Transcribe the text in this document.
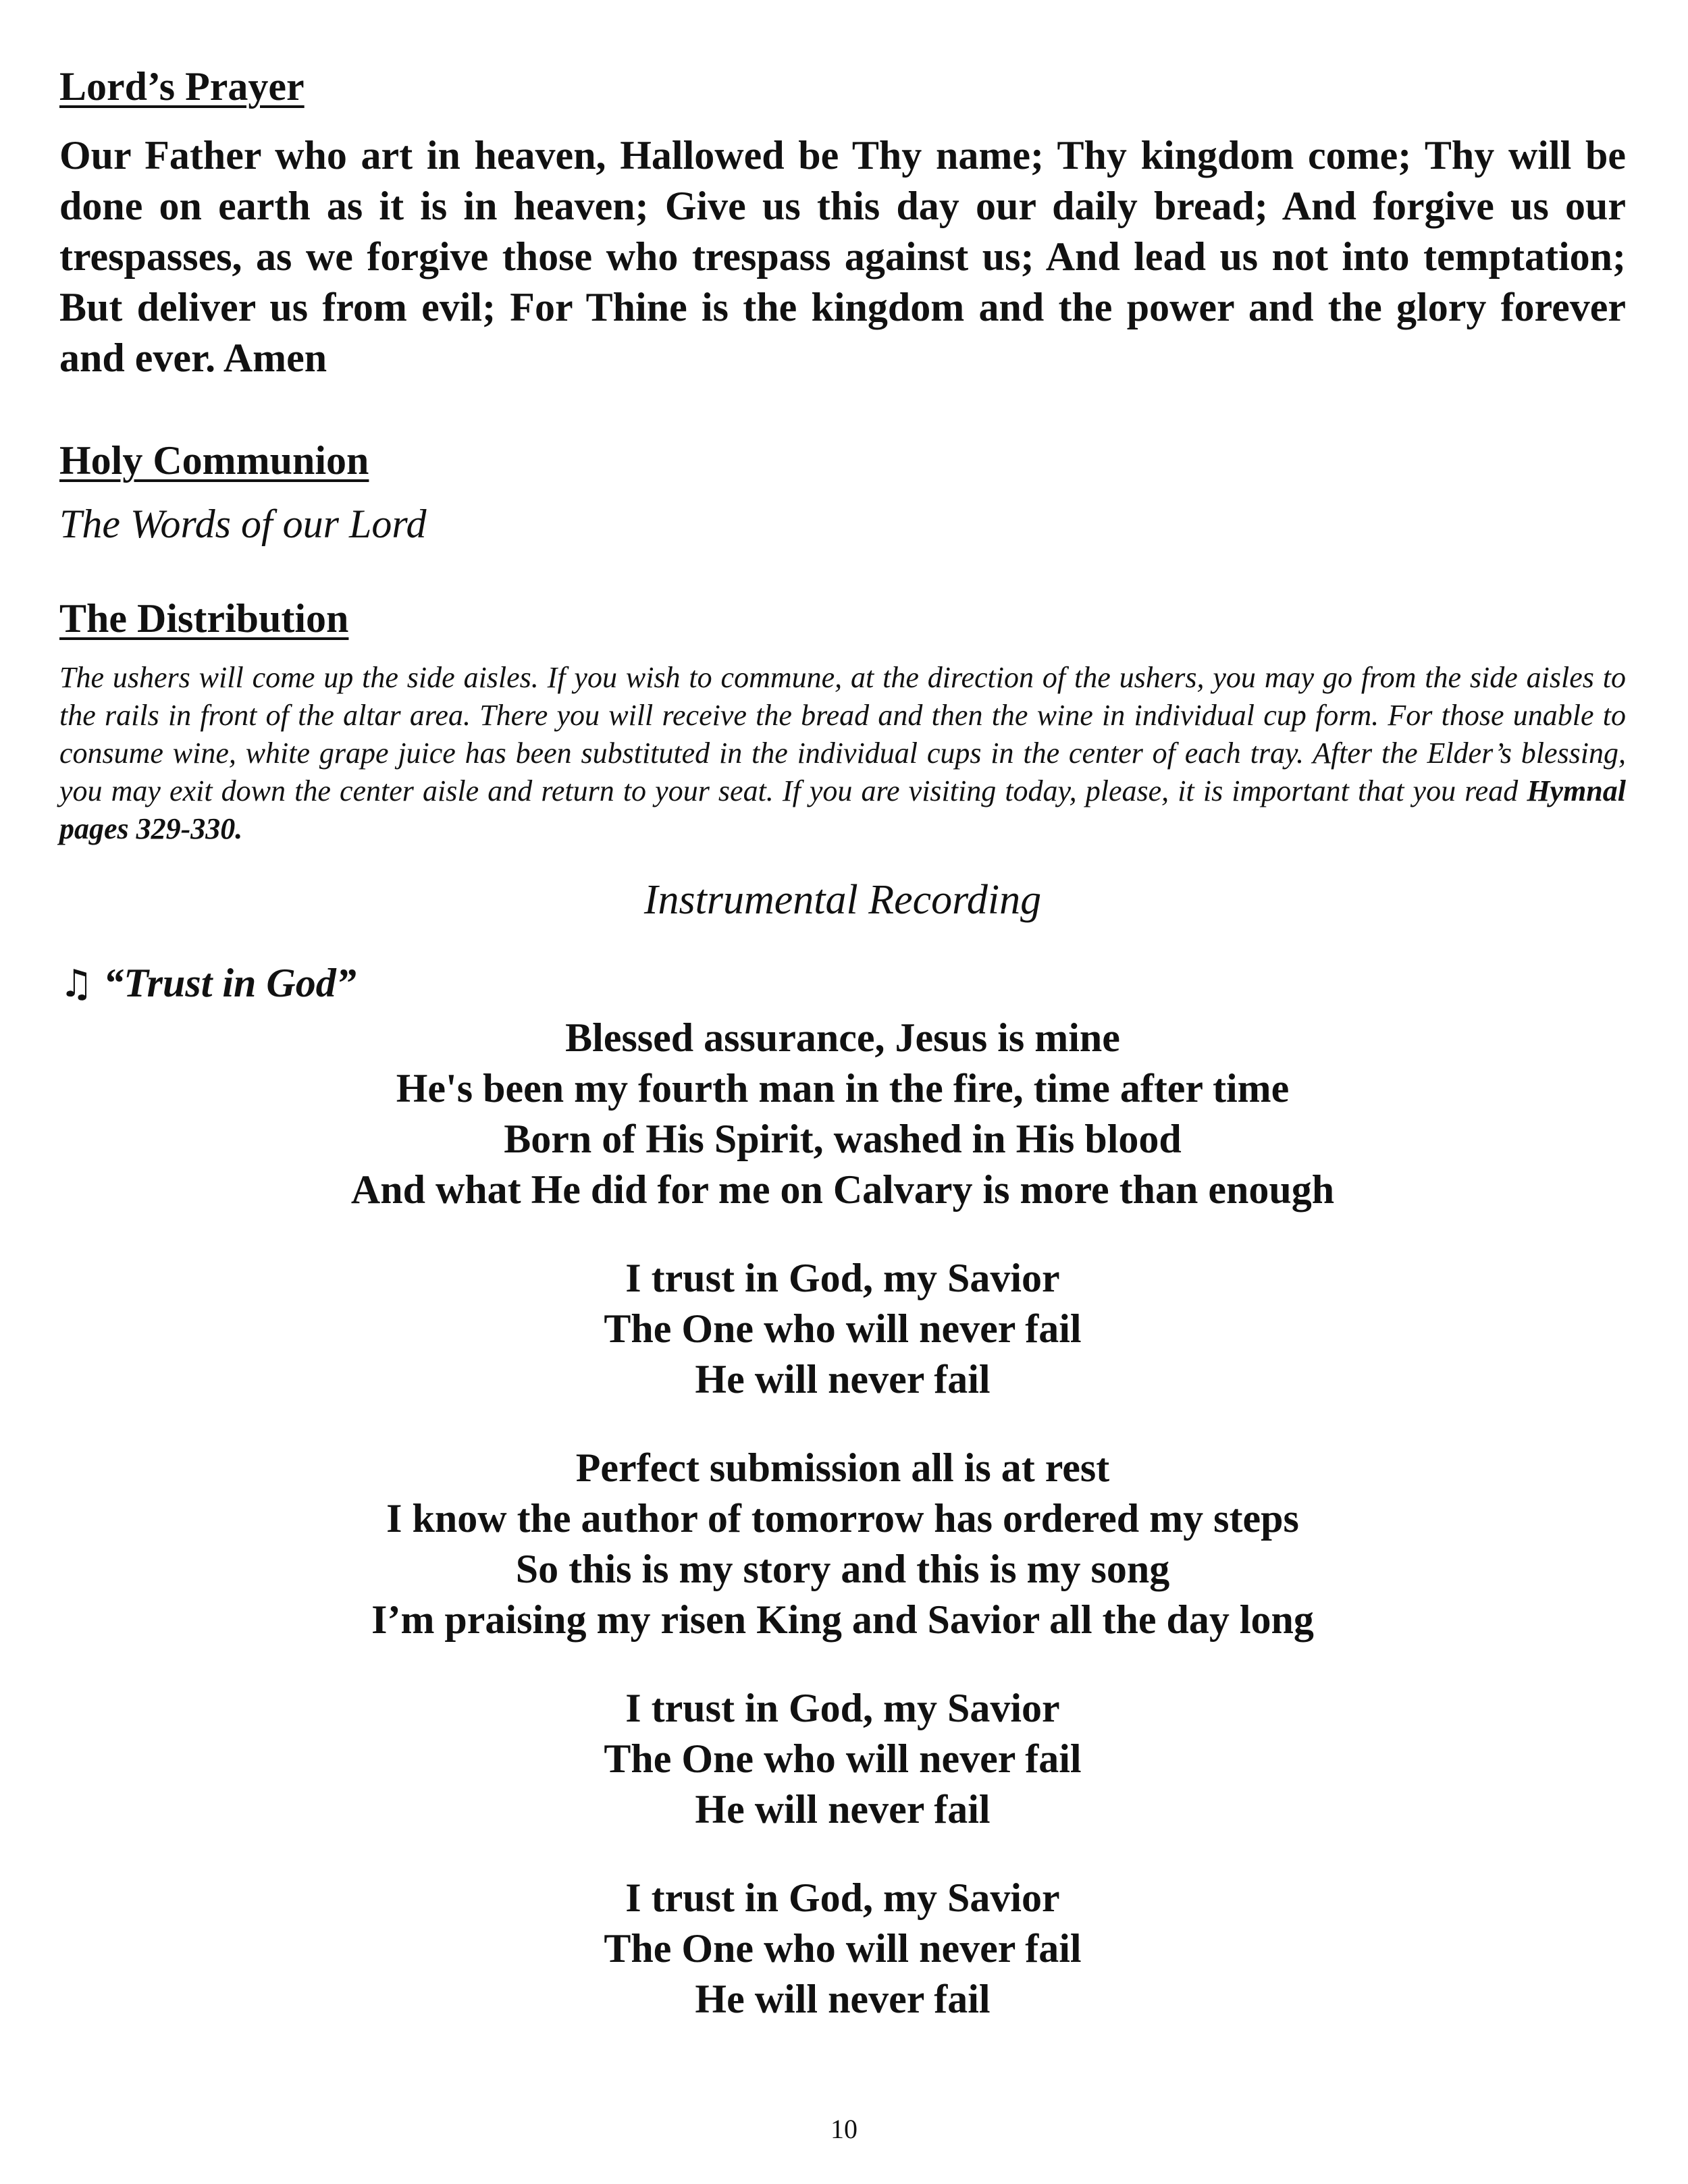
Lord’s Prayer

Our Father who art in heaven, Hallowed be Thy name; Thy kingdom come; Thy will be done on earth as it is in heaven; Give us this day our daily bread; And forgive us our trespasses, as we forgive those who trespass against us; And lead us not into temptation; But deliver us from evil; For Thine is the kingdom and the power and the glory forever and ever. Amen

Holy Communion

The Words of our Lord

The Distribution

The ushers will come up the side aisles. If you wish to commune, at the direction of the ushers, you may go from the side aisles to the rails in front of the altar area. There you will receive the bread and then the wine in individual cup form. For those unable to consume wine, white grape juice has been substituted in the individual cups in the center of each tray. After the Elder’s blessing, you may exit down the center aisle and return to your seat. If you are visiting today, please, it is important that you read Hymnal pages 329-330.

Instrumental Recording

♫ “Trust in God”

Blessed assurance, Jesus is mine
He's been my fourth man in the fire, time after time
Born of His Spirit, washed in His blood
And what He did for me on Calvary is more than enough
I trust in God, my Savior
The One who will never fail
He will never fail
Perfect submission all is at rest
I know the author of tomorrow has ordered my steps
So this is my story and this is my song
I’m praising my risen King and Savior all the day long
I trust in God, my Savior
The One who will never fail
He will never fail
I trust in God, my Savior
The One who will never fail
He will never fail
10
